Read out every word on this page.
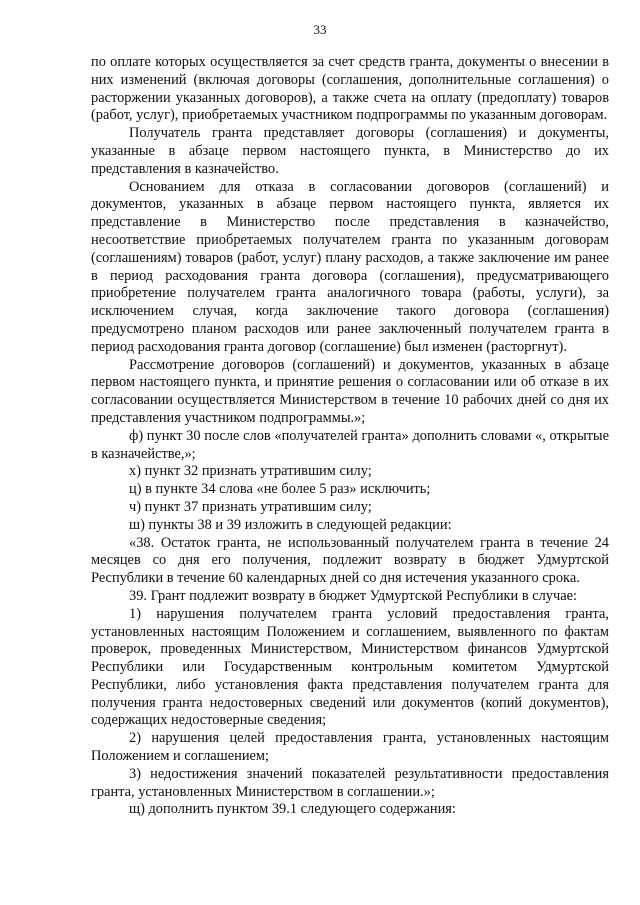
33

по оплате которых осуществляется за счет средств гранта, документы о внесении в них изменений (включая договоры (соглашения, дополнительные соглашения) о расторжении указанных договоров), а также счета на оплату (предоплату) товаров (работ, услуг), приобретаемых участником подпрограммы по указанным договорам.

Получатель гранта представляет договоры (соглашения) и документы, указанные в абзаце первом настоящего пункта, в Министерство до их представления в казначейство.

Основанием для отказа в согласовании договоров (соглашений) и документов, указанных в абзаце первом настоящего пункта, является их представление в Министерство после представления в казначейство, несоответствие приобретаемых получателем гранта по указанным договорам (соглашениям) товаров (работ, услуг) плану расходов, а также заключение им ранее в период расходования гранта договора (соглашения), предусматривающего приобретение получателем гранта аналогичного товара (работы, услуги), за исключением случая, когда заключение такого договора (соглашения) предусмотрено планом расходов или ранее заключенный получателем гранта в период расходования гранта договор (соглашение) был изменен (расторгнут).

Рассмотрение договоров (соглашений) и документов, указанных в абзаце первом настоящего пункта, и принятие решения о согласовании или об отказе в их согласовании осуществляется Министерством в течение 10 рабочих дней со дня их представления участником подпрограммы.»;

ф) пункт 30 после слов «получателей гранта» дополнить словами «, открытые в казначействе,»;

х) пункт 32 признать утратившим силу;

ц) в пункте 34 слова «не более 5 раз» исключить;

ч) пункт 37 признать утратившим силу;

ш) пункты 38 и 39 изложить в следующей редакции:

«38. Остаток гранта, не использованный получателем гранта в течение 24 месяцев со дня его получения, подлежит возврату в бюджет Удмуртской Республики в течение 60 календарных дней со дня истечения указанного срока.

39. Грант подлежит возврату в бюджет Удмуртской Республики в случае:

1) нарушения получателем гранта условий предоставления гранта, установленных настоящим Положением и соглашением, выявленного по фактам проверок, проведенных Министерством, Министерством финансов Удмуртской Республики или Государственным контрольным комитетом Удмуртской Республики, либо установления факта представления получателем гранта для получения гранта недостоверных сведений или документов (копий документов), содержащих недостоверные сведения;

2) нарушения целей предоставления гранта, установленных настоящим Положением и соглашением;

3) недостижения значений показателей результативности предоставления гранта, установленных Министерством в соглашении.»;

щ) дополнить пунктом 39.1 следующего содержания:
